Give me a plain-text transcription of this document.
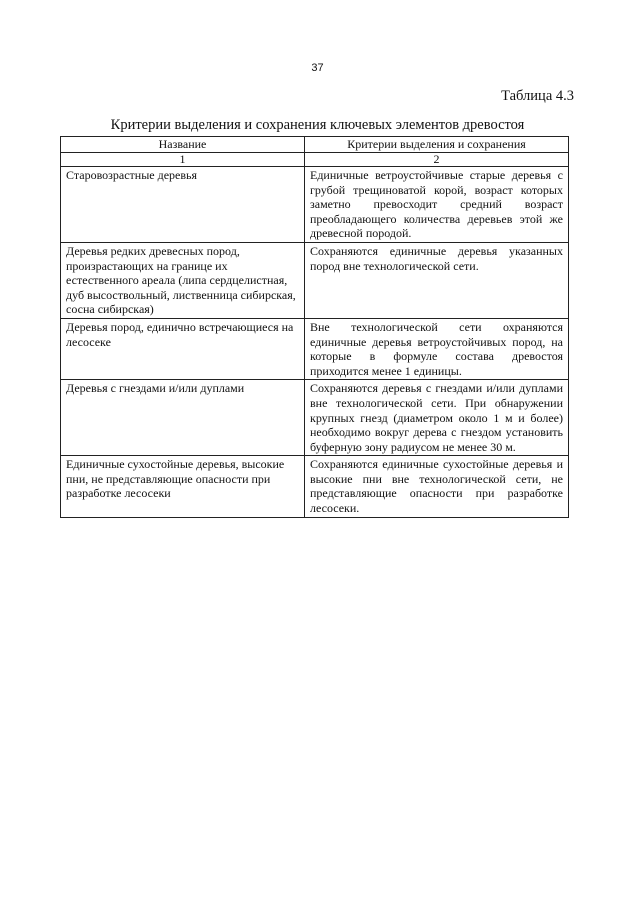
37
Таблица 4.3
Критерии выделения и сохранения ключевых элементов древостоя
Название	Критерии выделения и сохранения
1	2
Старовозрастные деревья	Единичные ветроустойчивые старые деревья с грубой трещиноватой корой, возраст которых заметно превосходит средний возраст преобладающего количества деревьев этой же древесной породой.
Деревья редких древесных пород, произрастающих на границе их естественного ареала (липа сердцелистная, дуб высоствольный, лиственница сибирская, сосна сибирская)	Сохраняются единичные деревья указанных пород вне технологической сети.
Деревья пород, единично встречающиеся на лесосеке	Вне технологической сети охраняются единичные деревья ветроустойчивых пород, на которые в формуле состава древостоя приходится менее 1 единицы.
Деревья с гнездами и/или дуплами	Сохраняются деревья с гнездами и/или дуплами вне технологической сети. При обнаружении крупных гнезд (диаметром около 1 м и более) необходимо вокруг дерева с гнездом установить буферную зону радиусом не менее 30 м.
Единичные сухостойные деревья, высокие пни, не представляющие опасности при разработке лесосеки	Сохраняются единичные сухостойные деревья и высокие пни вне технологической сети, не представляющие опасности при разработке лесосеки.
